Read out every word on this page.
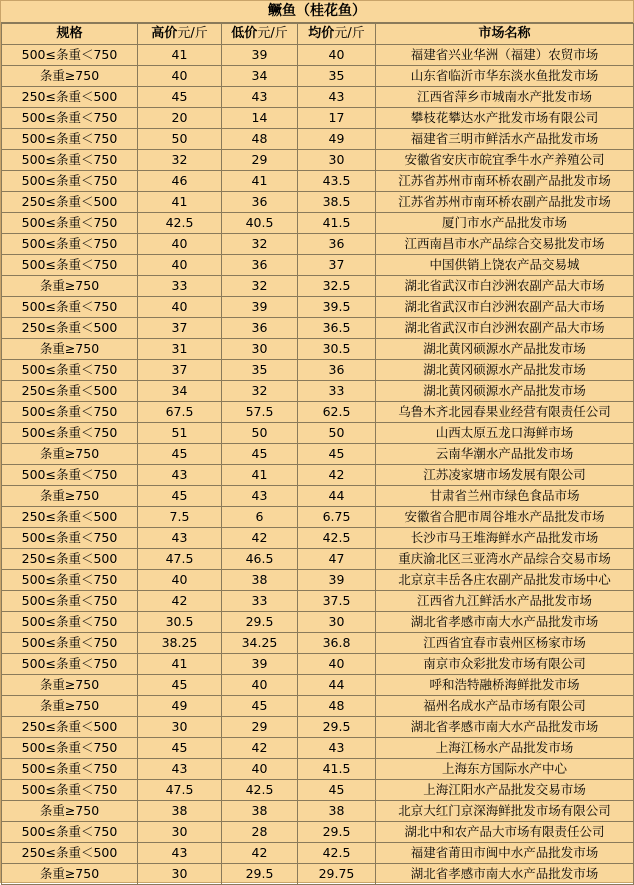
鳜鱼（桂花鱼）
规格	高价元/斤	低价元/斤	均价元/斤	市场名称
500≤条重＜750	41	39	40	福建省兴业华洲（福建）农贸市场
条重≥750	40	34	35	山东省临沂市华东淡水鱼批发市场
250≤条重＜500	45	43	43	江西省萍乡市城南水产批发市场
500≤条重＜750	20	14	17	攀枝花攀达水产批发市场有限公司
500≤条重＜750	50	48	49	福建省三明市鲜活水产品批发市场
500≤条重＜750	32	29	30	安徽省安庆市皖宜季牛水产养殖公司
500≤条重＜750	46	41	43.5	江苏省苏州市南环桥农副产品批发市场
250≤条重＜500	41	36	38.5	江苏省苏州市南环桥农副产品批发市场
500≤条重＜750	42.5	40.5	41.5	厦门市水产品批发市场
500≤条重＜750	40	32	36	江西南昌市水产品综合交易批发市场
500≤条重＜750	40	36	37	中国供销上饶农产品交易城
条重≥750	33	32	32.5	湖北省武汉市白沙洲农副产品大市场
500≤条重＜750	40	39	39.5	湖北省武汉市白沙洲农副产品大市场
250≤条重＜500	37	36	36.5	湖北省武汉市白沙洲农副产品大市场
条重≥750	31	30	30.5	湖北黄冈硕源水产品批发市场
500≤条重＜750	37	35	36	湖北黄冈硕源水产品批发市场
250≤条重＜500	34	32	33	湖北黄冈硕源水产品批发市场
500≤条重＜750	67.5	57.5	62.5	乌鲁木齐北园春果业经营有限责任公司
500≤条重＜750	51	50	50	山西太原五龙口海鲜市场
条重≥750	45	45	45	云南华潮水产品批发市场
500≤条重＜750	43	41	42	江苏凌家塘市场发展有限公司
条重≥750	45	43	44	甘肃省兰州市绿色食品市场
250≤条重＜500	7.5	6	6.75	安徽省合肥市周谷堆水产品批发市场
500≤条重＜750	43	42	42.5	长沙市马王堆海鲜水产品批发市场
250≤条重＜500	47.5	46.5	47	重庆渝北区三亚湾水产品综合交易市场
500≤条重＜750	40	38	39	北京京丰岳各庄农副产品批发市场中心
500≤条重＜750	42	33	37.5	江西省九江鲜活水产品批发市场
500≤条重＜750	30.5	29.5	30	湖北省孝感市南大水产品批发市场
500≤条重＜750	38.25	34.25	36.8	江西省宜春市袁州区杨家市场
500≤条重＜750	41	39	40	南京市众彩批发市场有限公司
条重≥750	45	40	44	呼和浩特融桥海鲜批发市场
条重≥750	49	45	48	福州名成水产品市场有限公司
250≤条重＜500	30	29	29.5	湖北省孝感市南大水产品批发市场
500≤条重＜750	45	42	43	上海江杨水产品批发市场
500≤条重＜750	43	40	41.5	上海东方国际水产中心
500≤条重＜750	47.5	42.5	45	上海江阳水产品批发交易市场
条重≥750	38	38	38	北京大红门京深海鲜批发市场有限公司
500≤条重＜750	30	28	29.5	湖北中和农产品大市场有限责任公司
250≤条重＜500	43	42	42.5	福建省莆田市闽中水产品批发市场
条重≥750	30	29.5	29.75	湖北省孝感市南大水产品批发市场
